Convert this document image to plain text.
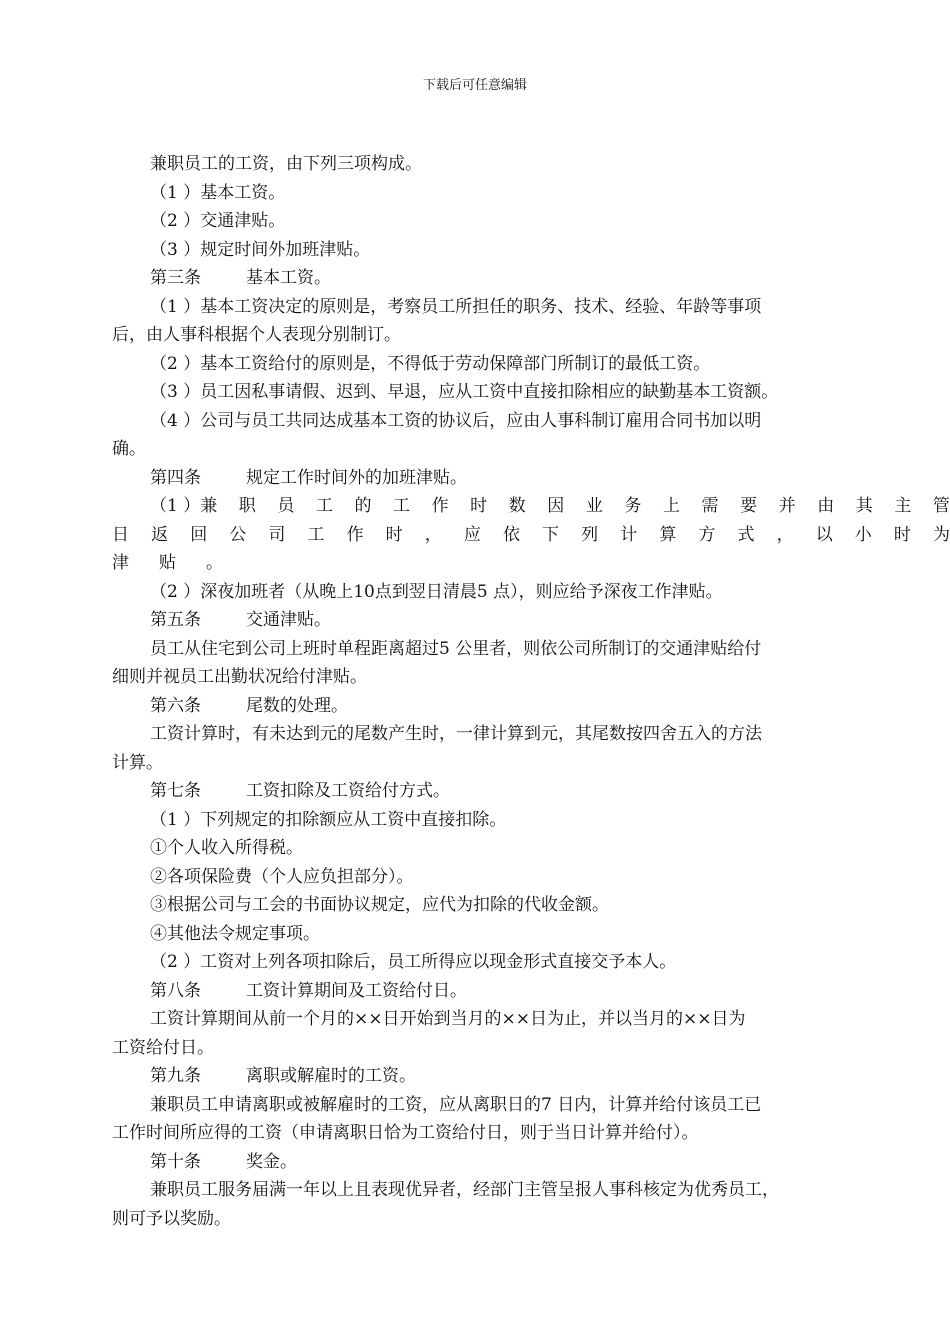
下载后可任意编辑
兼职员工的工资，由下列三项构成。
（1 ）基本工资。
（2 ）交通津贴。
（3 ）规定时间外加班津贴。
第三条	基本工资。
（1 ）基本工资决定的原则是，考察员工所担任的职务、技术、经验、年龄等事项
后，由人事科根据个人表现分别制订。
（2 ）基本工资给付的原则是，不得低于劳动保障部门所制订的最低工资。
（3 ）员工因私事请假、迟到、早退，应从工资中直接扣除相应的缺勤基本工资额。
（4 ）公司与员工共同达成基本工资的协议后，应由人事科制订雇用合同书加以明
确。
第四条	规定工作时间外的加班津贴。
（1 ）兼 职 员 工 的 工 作 时 数 因 业 务 上 需 要 并 由 其 主 管
日 返 回 公 司 工 作 时 ， 应 依 下 列 计 算 方 式 ， 以 小 时 为
津 贴 。
（2 ）深夜加班者（从晚上10点到翌日清晨5 点），则应给予深夜工作津贴。
第五条	交通津贴。
员工从住宅到公司上班时单程距离超过5 公里者，则依公司所制订的交通津贴给付
细则并视员工出勤状况给付津贴。
第六条	尾数的处理。
工资计算时，有未达到元的尾数产生时，一律计算到元，其尾数按四舍五入的方法
计算。
第七条	工资扣除及工资给付方式。
（1 ）下列规定的扣除额应从工资中直接扣除。
①个人收入所得税。
②各项保险费（个人应负担部分）。
③根据公司与工会的书面协议规定，应代为扣除的代收金额。
④其他法令规定事项。
（2 ）工资对上列各项扣除后，员工所得应以现金形式直接交予本人。
第八条	工资计算期间及工资给付日。
工资计算期间从前一个月的××日开始到当月的××日为止，并以当月的××日为
工资给付日。
第九条	离职或解雇时的工资。
兼职员工申请离职或被解雇时的工资，应从离职日的7 日内，计算并给付该员工已
工作时间所应得的工资（申请离职日恰为工资给付日，则于当日计算并给付）。
第十条	奖金。
兼职员工服务届满一年以上且表现优异者，经部门主管呈报人事科核定为优秀员工，
则可予以奖励。
